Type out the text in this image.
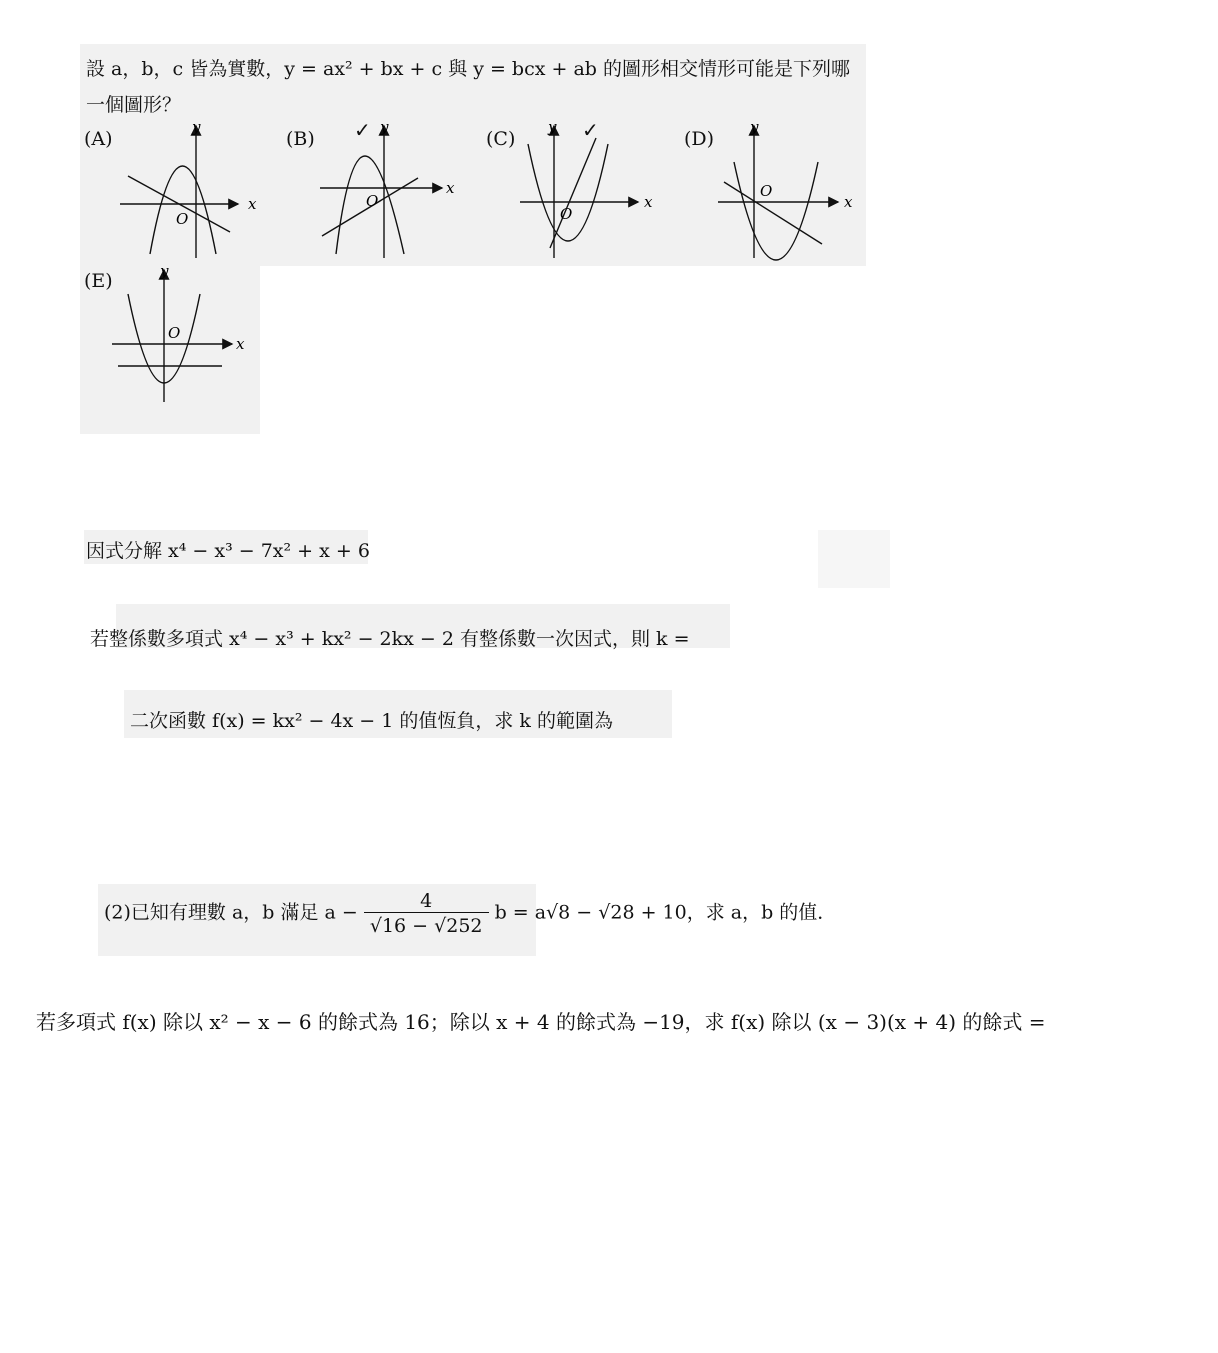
設 a，b，c 皆為實數，y = ax² + bx + c 與 y = bcx + ab 的圖形相交情形可能是下列哪
一個圖形？
(A)	(B)	(C)	(D)
(E)
✓	✓
x
y
O
x
y
O	x
y
O
x
y
O
x
y
O
因式分解 x⁴ − x³ − 7x² + x + 6
若整係數多項式 x⁴ − x³ + kx² − 2kx − 2 有整係數一次因式，則 k =
二次函數 f(x) = kx² − 4x − 1 的值恆負，求 k 的範圍為
(2)已知有理數 a，b 滿足 $a - \frac{4}{√16 - √252}$ b = a√8 − √28 + 10，求 a，b 的值．
若多項式 f(x) 除以 x² − x − 6 的餘式為 16；除以 x + 4 的餘式為 −19，求 f(x) 除以 (x − 3)(x + 4) 的餘式 =
